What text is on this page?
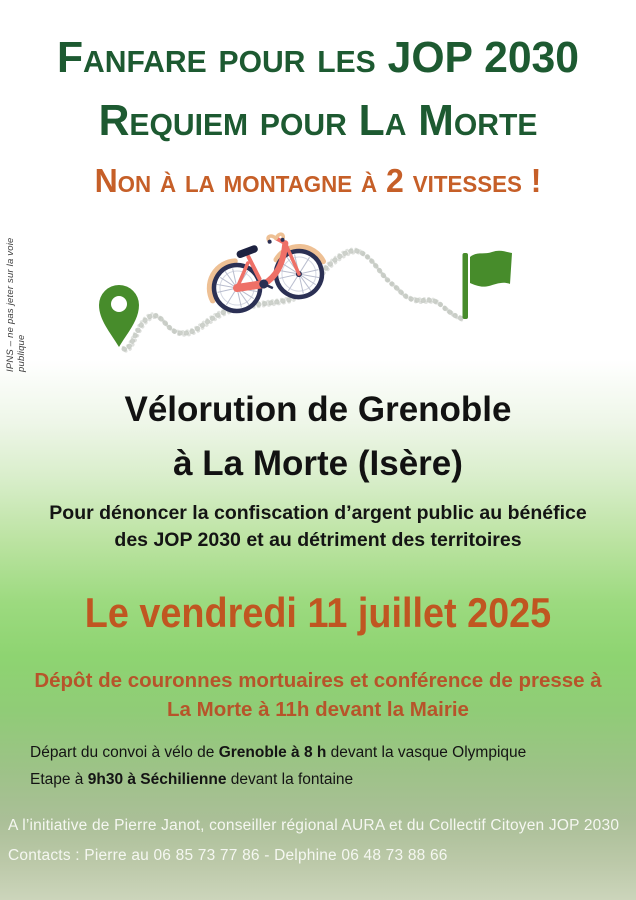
IPNS – ne pas jeter sur la voie publique
Fanfare pour les JOP 2030
Requiem pour La Morte
Non à la montagne à 2 vitesses !
Vélorution de Grenoble
à La Morte (Isère)
Pour dénoncer la confiscation d’argent public au bénéfice
des JOP 2030 et au détriment des territoires
Le vendredi 11 juillet 2025
Dépôt de couronnes mortuaires et conférence de presse à
La Morte à 11h devant la Mairie
Départ du convoi à vélo de Grenoble à 8 h devant la vasque Olympique
Etape à 9h30 à Séchilienne devant la fontaine
A l’initiative de Pierre Janot, conseiller régional AURA et du Collectif Citoyen JOP 2030
Contacts : Pierre au 06 85 73 77 86 - Delphine 06 48 73 88 66
